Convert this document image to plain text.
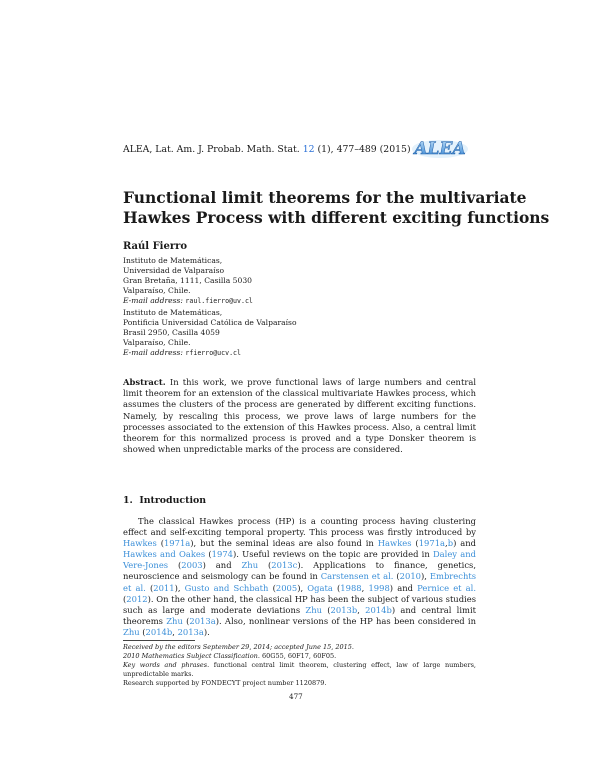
ALEA, Lat. Am. J. Probab. Math. Stat.
12
(1), 477–489 (2015) ALEA
Functional limit theorems for the multivariate
Hawkes Process with different exciting functions
Raúl Fierro
Instituto de Matemáticas,
Universidad de Valparaíso
Gran Bretaña, 1111, Casilla 5030
Valparaíso, Chile.
E-mail address: raul.fierro@uv.cl
Instituto de Matemáticas,
Pontificia Universidad Católica de Valparaíso
Brasil 2950, Casilla 4059
Valparaíso, Chile.
E-mail address: rfierro@ucv.cl
Abstract. In this work, we prove functional laws of large numbers and central limit theorem for an extension of the classical multivariate Hawkes process, which assumes the clusters of the process are generated by different exciting functions. Namely, by rescaling this process, we prove laws of large numbers for the processes associated to the extension of this Hawkes process. Also, a central limit theorem for this normalized process is proved and a type Donsker theorem is showed when unpredictable marks of the process are considered.
1. Introduction
The classical Hawkes process (HP) is a counting process having clustering effect and self-exciting temporal property. This process was firstly introduced by Hawkes (1971a), but the seminal ideas are also found in Hawkes (1971a,b) and Hawkes and Oakes (1974). Useful reviews on the topic are provided in Daley and Vere-Jones (2003) and Zhu (2013c). Applications to finance, genetics, neuroscience and seismology can be found in Carstensen et al. (2010), Embrechts et al. (2011), Gusto and Schbath (2005), Ogata (1988, 1998) and Pernice et al. (2012). On the other hand, the classical HP has been the subject of various studies such as large and moderate deviations Zhu (2013b, 2014b) and central limit theorems Zhu (2013a). Also, nonlinear versions of the HP has been considered in Zhu (2014b, 2013a).
Received by the editors September 29, 2014; accepted June 15, 2015.
2010 Mathematics Subject Classification. 60G55, 60F17, 60F05.
Key words and phrases. functional central limit theorem, clustering effect, law of large numbers, unpredictable marks.
Research supported by FONDECYT project number 1120879.
477
